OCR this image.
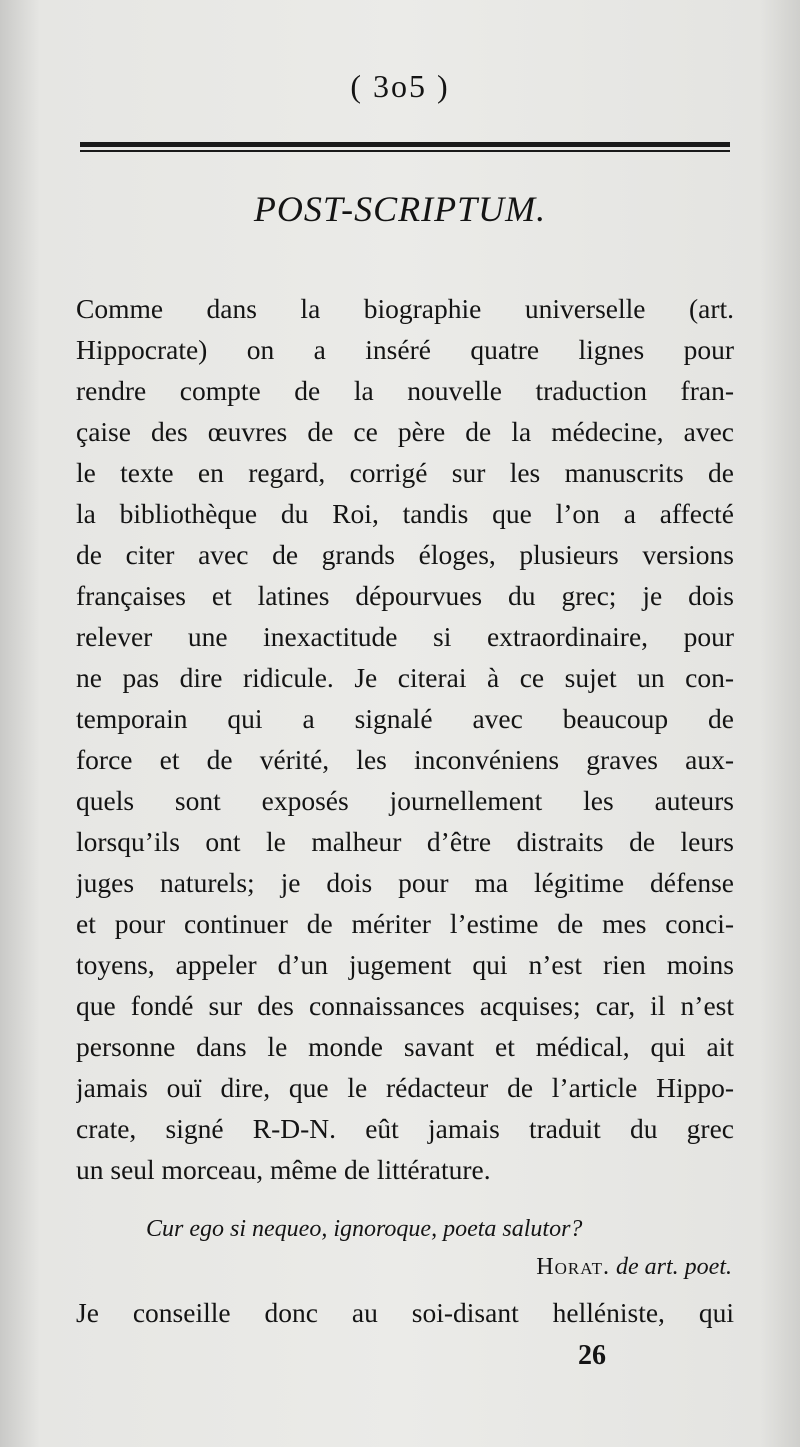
( 3o5 )
POST-SCRIPTUM.
Comme dans la biographie universelle (art.
Hippocrate) on a inséré quatre lignes pour
rendre compte de la nouvelle traduction fran-
çaise des œuvres de ce père de la médecine, avec
le texte en regard, corrigé sur les manuscrits de
la bibliothèque du Roi, tandis que l’on a affecté
de citer avec de grands éloges, plusieurs versions
françaises et latines dépourvues du grec; je dois
relever une inexactitude si extraordinaire, pour
ne pas dire ridicule. Je citerai à ce sujet un con-
temporain qui a signalé avec beaucoup de
force et de vérité, les inconvéniens graves aux-
quels sont exposés journellement les auteurs
lorsqu’ils ont le malheur d’être distraits de leurs
juges naturels; je dois pour ma légitime défense
et pour continuer de mériter l’estime de mes conci-
toyens, appeler d’un jugement qui n’est rien moins
que fondé sur des connaissances acquises; car, il n’est
personne dans le monde savant et médical, qui ait
jamais ouï dire, que le rédacteur de l’article Hippo-
crate, signé R-D-N. eût jamais traduit du grec
un seul morceau, même de littérature.
Cur ego si nequeo, ignoroque, poeta salutor?
Horat. de art. poet.
Je conseille donc au soi-disant helléniste, qui
26
